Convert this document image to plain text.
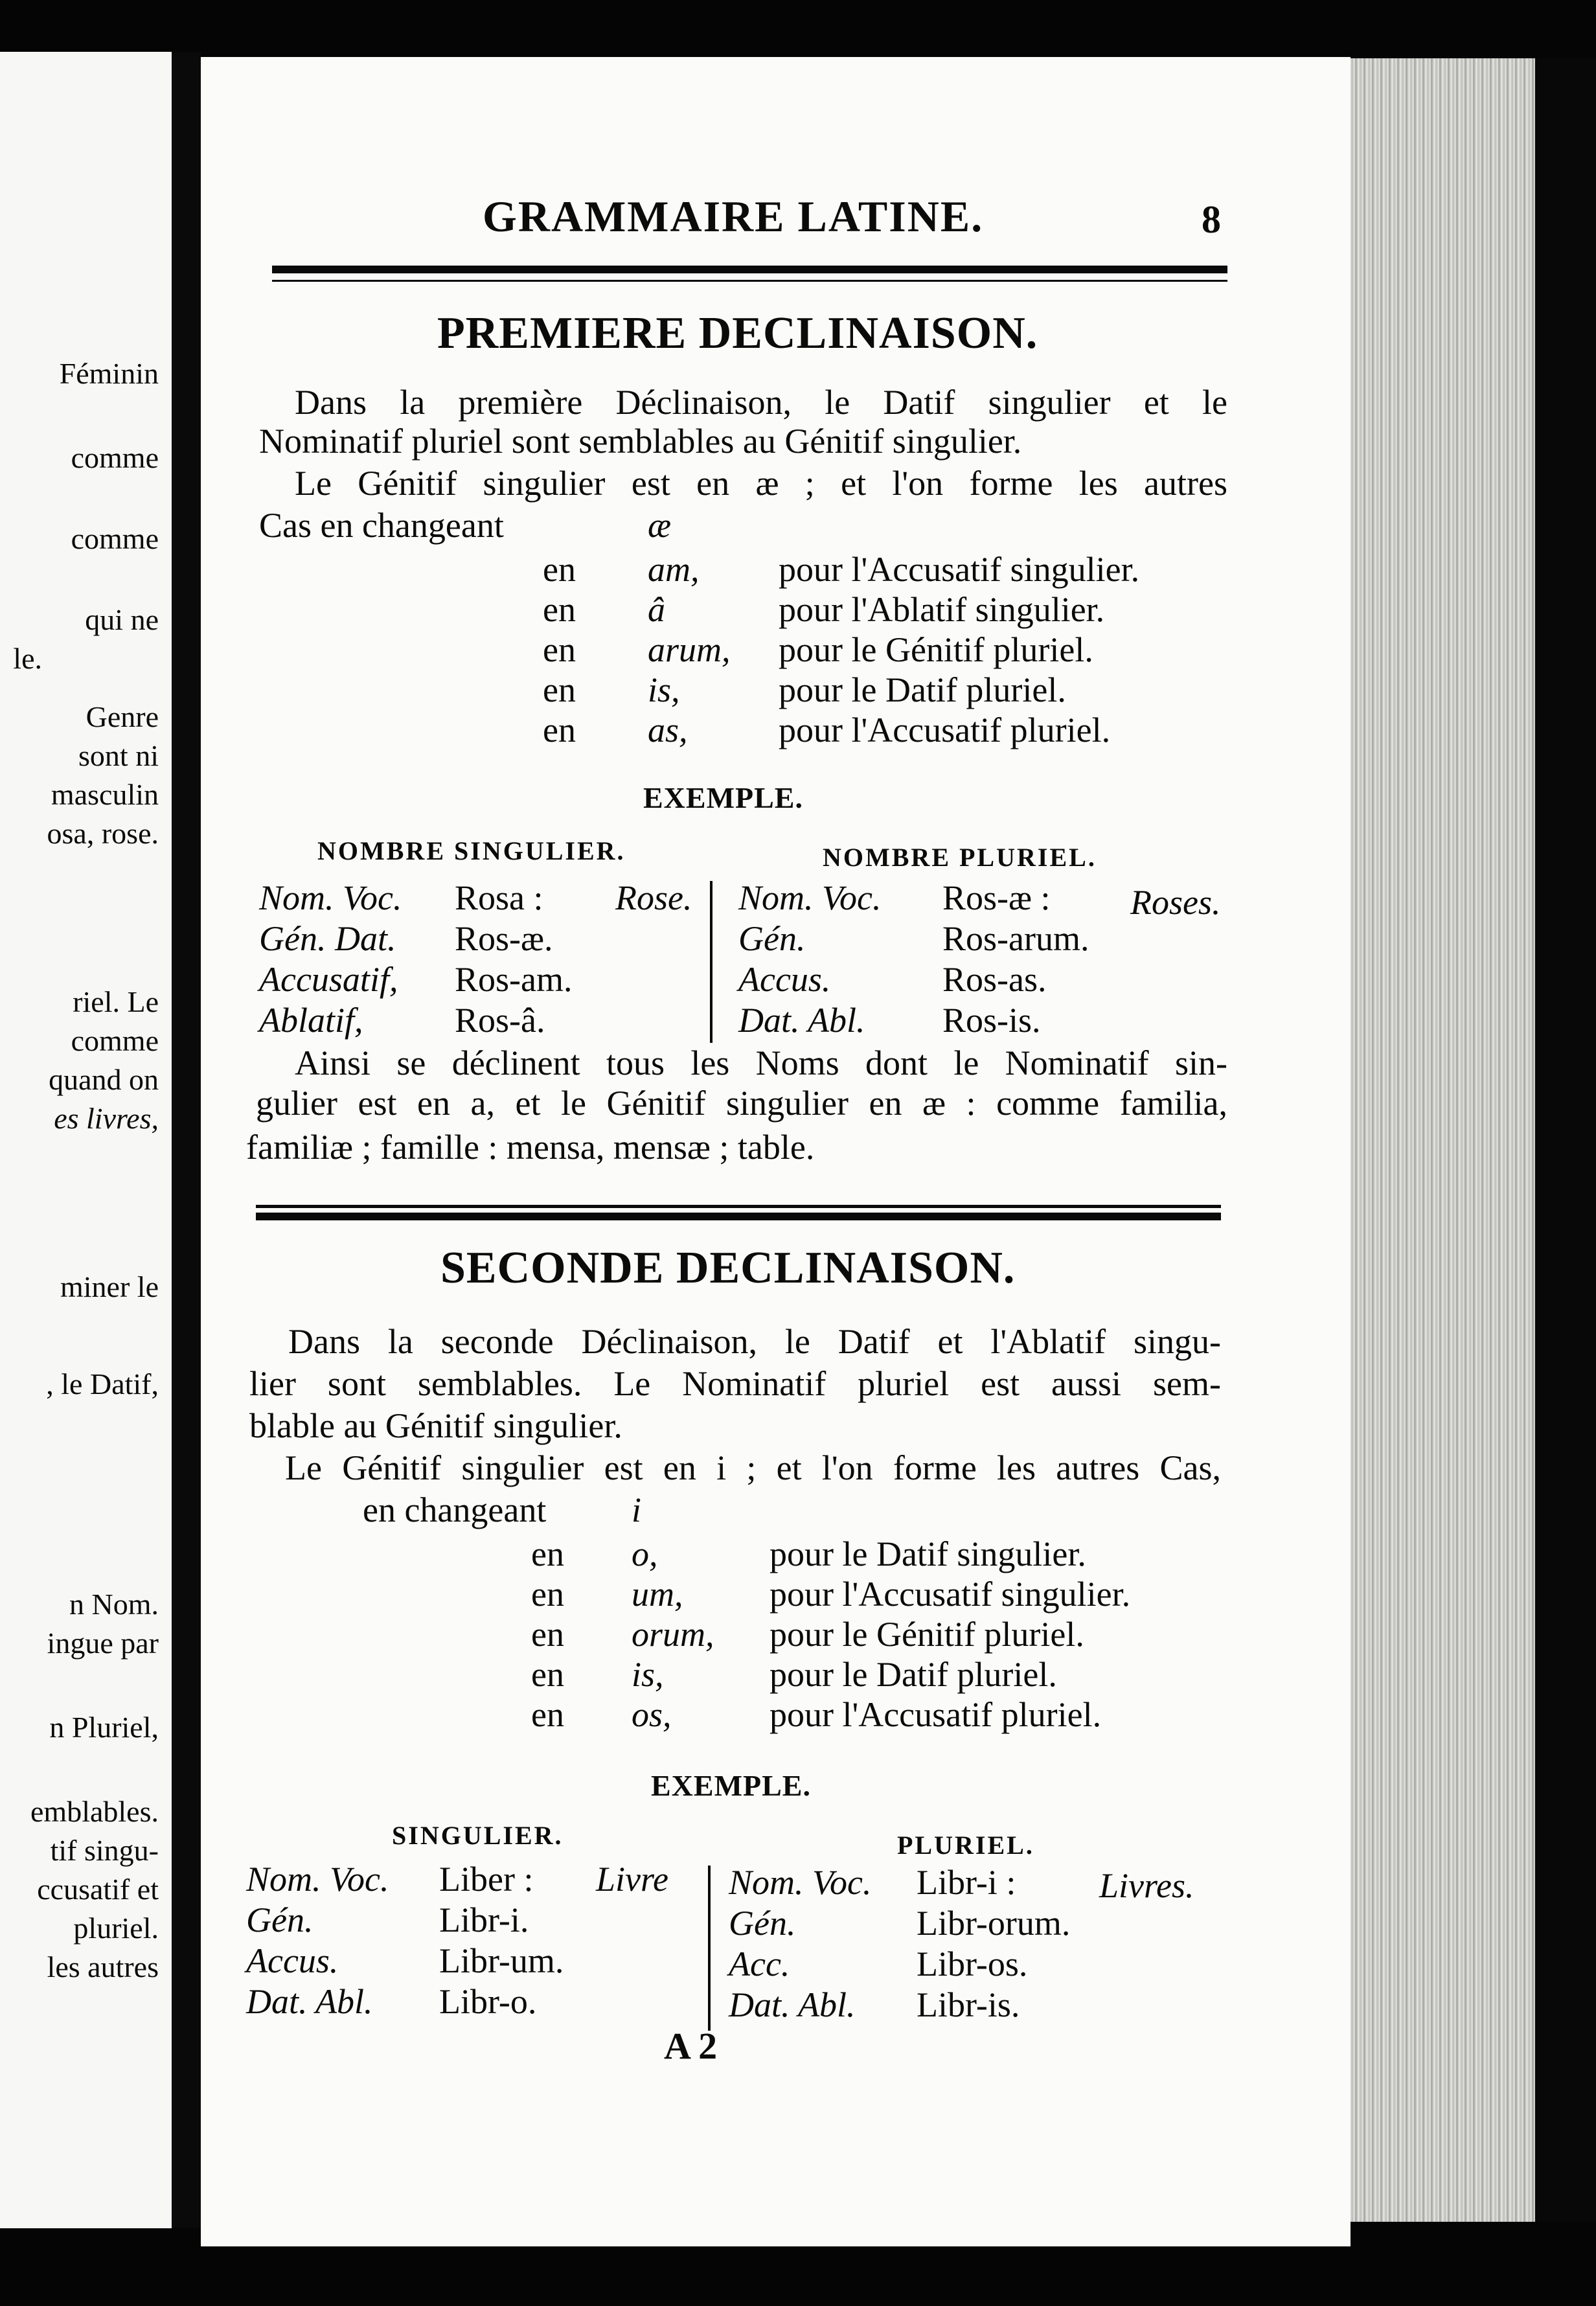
Féminin
comme
comme
qui ne
le.
Genre
sont ni
masculin
osa, rose.
riel. Le
comme
quand on
es livres,
miner le
, le Datif,
n Nom.
ingue par
n Pluriel,
emblables.
tif singu-
ccusatif et
pluriel.
les autres
GRAMMAIRE LATINE.	8
PREMIERE DECLINAISON.
Dans la première Déclinaison, le Datif singulier et le
Nominatif pluriel sont semblables au Génitif singulier.
Le Génitif singulier est en æ ; et l'on forme les autres
Cas en changeant	æ
en am, pour l'Accusatif singulier.
en â	pour l'Ablatif singulier.
en arum, pour le Génitif pluriel.
en is,	pour le Datif pluriel.
en as,	pour l'Accusatif pluriel.
EXEMPLE.
NOMBRE SINGULIER.	NOMBRE PLURIEL.
Nom. Voc. Rosa : Rose.
Gén. Dat. Ros-æ.
Accusatif, Ros-am.
Ablatif,	Ros-â.
Nom. Voc. Ros-æ : Roses.
Gén.	Ros-arum.
Accus.	Ros-as.
Dat. Abl. Ros-is.
Ainsi se déclinent tous les Noms dont le Nominatif sin-
gulier est en a, et le Génitif singulier en æ : comme familia,
familiæ ; famille : mensa, mensæ ; table.
SECONDE DECLINAISON.
Dans la seconde Déclinaison, le Datif et l'Ablatif singu-
lier sont semblables. Le Nominatif pluriel est aussi sem-
blable au Génitif singulier.
Le Génitif singulier est en i ; et l'on forme les autres Cas,
en changeant i
en o,	pour le Datif singulier.
en um, pour l'Accusatif singulier.
en orum, pour le Génitif pluriel.
en is,	pour le Datif pluriel.
en os,	pour l'Accusatif pluriel.
EXEMPLE.
SINGULIER.	PLURIEL.
Nom. Voc. Liber : Livre
Gén.	Libr-i.
Accus.	Libr-um.
Dat. Abl. Libr-o.
Nom. Voc. Libr-i : Livres.
Gén.	Libr-orum.
Acc.	Libr-os.
Dat. Abl. Libr-is.
A 2
